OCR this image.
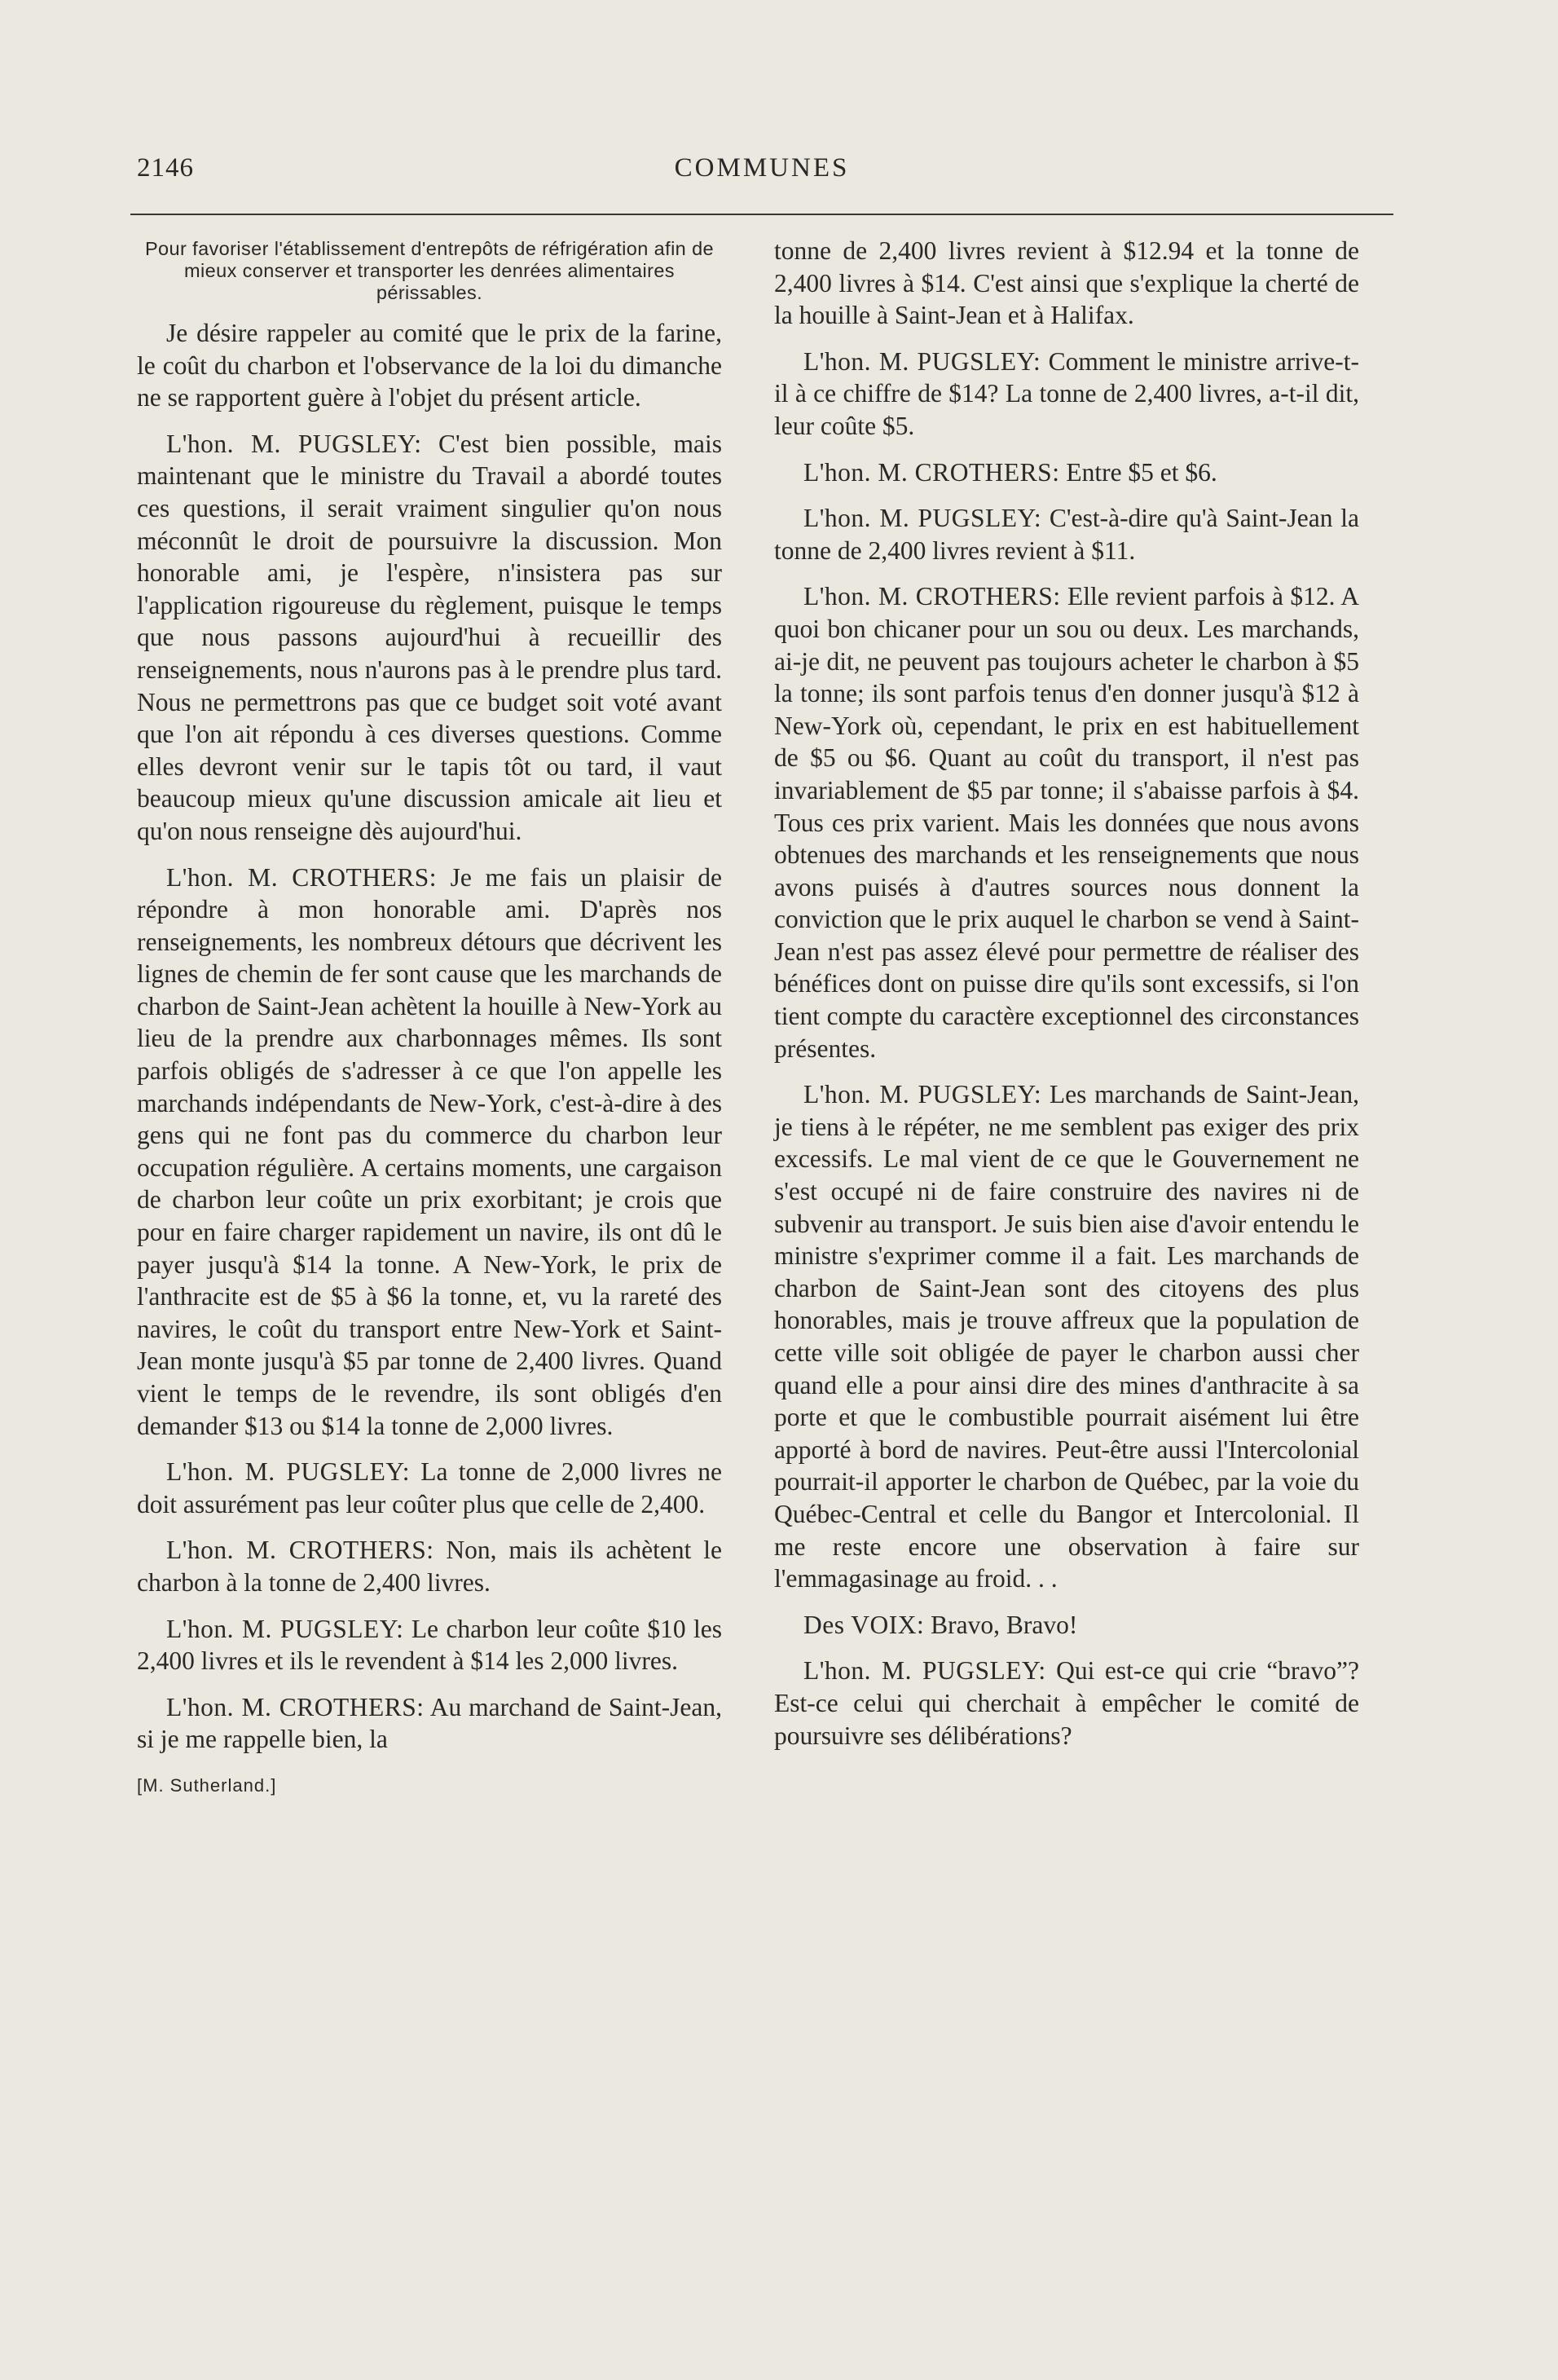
2146	COMMUNES
Pour favoriser l'établissement d'entrepôts de réfrigération afin de mieux conserver et transporter les denrées alimentaires périssables.

Je désire rappeler au comité que le prix de la farine, le coût du charbon et l'observance de la loi du dimanche ne se rapportent guère à l'objet du présent article.

L'hon. M. PUGSLEY: C'est bien possible, mais maintenant que le ministre du Travail a abordé toutes ces questions, il serait vraiment singulier qu'on nous méconnût le droit de poursuivre la discussion. Mon honorable ami, je l'espère, n'insistera pas sur l'application rigoureuse du règlement, puisque le temps que nous passons aujourd'hui à recueillir des renseignements, nous n'aurons pas à le prendre plus tard. Nous ne permettrons pas que ce budget soit voté avant que l'on ait répondu à ces diverses questions. Comme elles devront venir sur le tapis tôt ou tard, il vaut beaucoup mieux qu'une discussion amicale ait lieu et qu'on nous renseigne dès aujourd'hui.

L'hon. M. CROTHERS: Je me fais un plaisir de répondre à mon honorable ami. D'après nos renseignements, les nombreux détours que décrivent les lignes de chemin de fer sont cause que les marchands de charbon de Saint-Jean achètent la houille à New-York au lieu de la prendre aux charbonnages mêmes. Ils sont parfois obligés de s'adresser à ce que l'on appelle les marchands indépendants de New-York, c'est-à-dire à des gens qui ne font pas du commerce du charbon leur occupation régulière. A certains moments, une cargaison de charbon leur coûte un prix exorbitant; je crois que pour en faire charger rapidement un navire, ils ont dû le payer jusqu'à $14 la tonne. A New-York, le prix de l'anthracite est de $5 à $6 la tonne, et, vu la rareté des navires, le coût du transport entre New-York et Saint-Jean monte jusqu'à $5 par tonne de 2,400 livres. Quand vient le temps de le revendre, ils sont obligés d'en demander $13 ou $14 la tonne de 2,000 livres.

L'hon. M. PUGSLEY: La tonne de 2,000 livres ne doit assurément pas leur coûter plus que celle de 2,400.

L'hon. M. CROTHERS: Non, mais ils achètent le charbon à la tonne de 2,400 livres.

L'hon. M. PUGSLEY: Le charbon leur coûte $10 les 2,400 livres et ils le revendent à $14 les 2,000 livres.

L'hon. M. CROTHERS: Au marchand de Saint-Jean, si je me rappelle bien, la

[M. Sutherland.]

tonne de 2,400 livres revient à $12.94 et la tonne de 2,400 livres à $14. C'est ainsi que s'explique la cherté de la houille à Saint-Jean et à Halifax.

L'hon. M. PUGSLEY: Comment le ministre arrive-t-il à ce chiffre de $14? La tonne de 2,400 livres, a-t-il dit, leur coûte $5.

L'hon. M. CROTHERS: Entre $5 et $6.

L'hon. M. PUGSLEY: C'est-à-dire qu'à Saint-Jean la tonne de 2,400 livres revient à $11.

L'hon. M. CROTHERS: Elle revient parfois à $12. A quoi bon chicaner pour un sou ou deux. Les marchands, ai-je dit, ne peuvent pas toujours acheter le charbon à $5 la tonne; ils sont parfois tenus d'en donner jusqu'à $12 à New-York où, cependant, le prix en est habituellement de $5 ou $6. Quant au coût du transport, il n'est pas invariablement de $5 par tonne; il s'abaisse parfois à $4. Tous ces prix varient. Mais les données que nous avons obtenues des marchands et les renseignements que nous avons puisés à d'autres sources nous donnent la conviction que le prix auquel le charbon se vend à Saint-Jean n'est pas assez élevé pour permettre de réaliser des bénéfices dont on puisse dire qu'ils sont excessifs, si l'on tient compte du caractère exceptionnel des circonstances présentes.

L'hon. M. PUGSLEY: Les marchands de Saint-Jean, je tiens à le répéter, ne me semblent pas exiger des prix excessifs. Le mal vient de ce que le Gouvernement ne s'est occupé ni de faire construire des navires ni de subvenir au transport. Je suis bien aise d'avoir entendu le ministre s'exprimer comme il a fait. Les marchands de charbon de Saint-Jean sont des citoyens des plus honorables, mais je trouve affreux que la population de cette ville soit obligée de payer le charbon aussi cher quand elle a pour ainsi dire des mines d'anthracite à sa porte et que le combustible pourrait aisément lui être apporté à bord de navires. Peut-être aussi l'Intercolonial pourrait-il apporter le charbon de Québec, par la voie du Québec-Central et celle du Bangor et Intercolonial. Il me reste encore une observation à faire sur l'emmagasinage au froid. . .

Des VOIX: Bravo, Bravo!

L'hon. M. PUGSLEY: Qui est-ce qui crie “bravo”? Est-ce celui qui cherchait à empêcher le comité de poursuivre ses délibérations?
